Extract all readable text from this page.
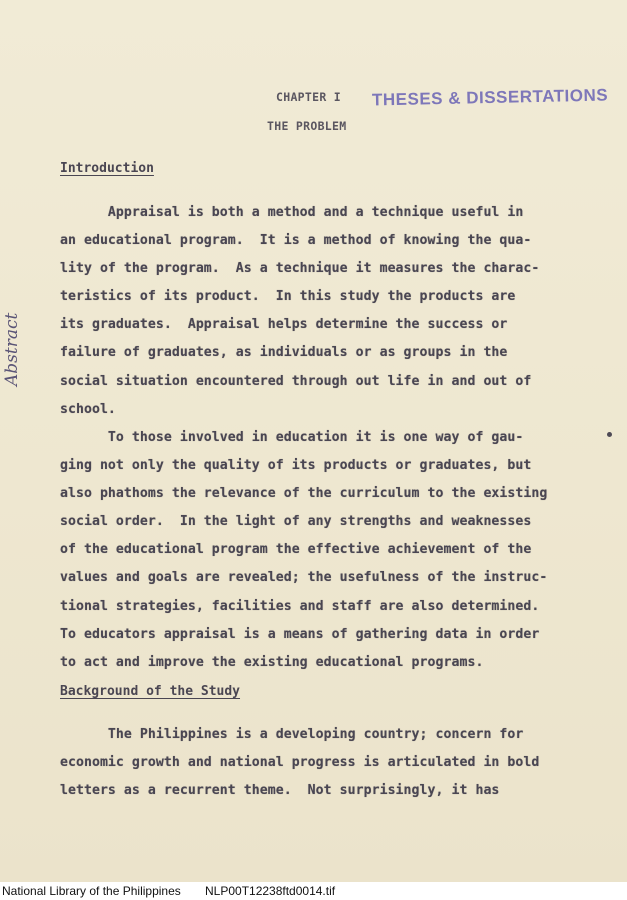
CHAPTER I
THE PROBLEM
THESES & DISSERTATIONS
Abstract
Introduction
Appraisal is both a method and a technique useful in
an educational program.  It is a method of knowing the qua-
lity of the program.  As a technique it measures the charac-
teristics of its product.  In this study the products are
its graduates.  Appraisal helps determine the success or
failure of graduates, as individuals or as groups in the
social situation encountered through out life in and out of
school.
To those involved in education it is one way of gau-
ging not only the quality of its products or graduates, but
also phathoms the relevance of the curriculum to the existing
social order.  In the light of any strengths and weaknesses
of the educational program the effective achievement of the
values and goals are revealed; the usefulness of the instruc-
tional strategies, facilities and staff are also determined.
To educators appraisal is a means of gathering data in order
to act and improve the existing educational programs.
Background of the Study
The Philippines is a developing country; concern for
economic growth and national progress is articulated in bold
letters as a recurrent theme.  Not surprisingly, it has
National Library of the Philippines NLP00T12238ftd0014.tif
